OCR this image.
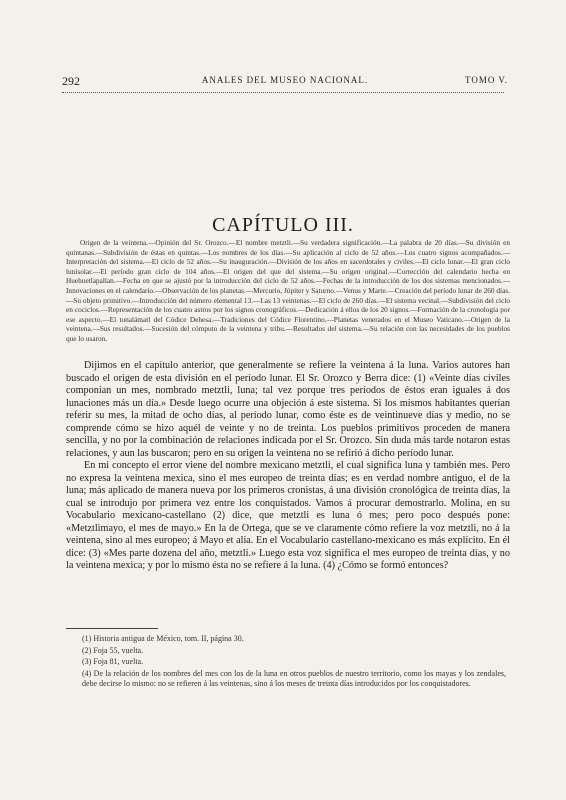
292	ANALES DEL MUSEO NACIONAL.	TOMO V.
CAPÍTULO III.
Origen de la veintena.—Opinión del Sr. Orozco.—El nombre metztli.—Su verdadera significación.—La palabra de 20 días.—Su división en quintanas.—Subdivisión de éstas en quintas.—Los nombres de los días.—Su aplicación al ciclo de 52 años.—Los cuatro signos acompañados.—Interpretación del sistema.—El ciclo de 52 años.—Su inauguración.—División de los años en sacerdotales y civiles.—El ciclo lunar.—El gran ciclo lunisolar.—El período gran ciclo de 104 años.—El origen del que del sistema.—Su origen original.—Corrección del calendario hecha en Huehuetlapallan.—Fecha en que se ajustó por la introducción del ciclo de 52 años.—Fechas de la introducción de los dos sistemas mencionados.—Innovaciones en el calendario.—Observación de los planetas.—Mercurio, Júpiter y Saturno.—Venus y Marte.—Creación del período lunar de 260 días.—Su objeto primitivo.—Introducción del número elemental 13.—Las 13 veintenas.—El ciclo de 260 días.—El sistema vecinal.—Subdivisión del ciclo en cociclos.—Representación de los cuatro astros por los signos cronográficos.—Dedicación á ellos de los 20 signos.—Formación de la cronología por ese aspecto.—El tonalámatl del Códice Dehesa.—Tradiciones del Códice Florentino.—Planetas venerados en el Museo Vaticano.—Origen de la veintena.—Sus resultados.—Sucesión del cómputo de la veintena y tribu.—Resultados del sistema.—Su relación con las necesidades de los pueblos que lo usaron.

Dijimos en el capítulo anterior, que generalmente se refiere la veintena á la luna. Varios autores han buscado el origen de esta división en el período lunar. El Sr. Orozco y Berra dice: (1) «Veinte días civiles componían un mes, nombrado metztli, luna; tal vez porque tres períodos de éstos eran iguales á dos lunaciones más un día.» Desde luego ocurre una objeción á este sistema. Si los mismos habitantes querían referir su mes, la mitad de ocho días, al período lunar, como éste es de veintinueve días y medio, no se comprende cómo se hizo aquél de veinte y no de treinta. Los pueblos primitivos proceden de manera sencilla, y no por la combinación de relaciones indicada por el Sr. Orozco. Sin duda más tarde notaron estas relaciones, y aun las buscaron; pero en su origen la veintena no se refirió á dicho período lunar.

En mi concepto el error viene del nombre mexicano metztli, el cual significa luna y también mes. Pero no expresa la veintena mexica, sino el mes europeo de treinta días; es en verdad nombre antiguo, el de la luna; más aplicado de manera nueva por los primeros cronistas, á una división cronológica de treinta días, la cual se introdujo por primera vez entre los conquistados. Vamos á procurar demostrarlo. Molina, en su Vocabulario mexicano-castellano (2) dice, que metztli es luna ó mes; pero poco después pone: «Metztlimayo, el mes de mayo.» En la de Ortega, que se ve claramente cómo refiere la voz metztli, no á la veintena, sino al mes europeo; á Mayo et alia. En el Vocabulario castellano-mexicano es más explícito. En él dice: (3) «Mes parte dozena del año, metztli.» Luego esta voz significa el mes europeo de treinta días, y no la veintena mexica; y por lo mismo ésta no se refiere á la luna. (4) ¿Cómo se formó entonces?

(1) Historia antigua de México, tom. II, página 30.

(2) Foja 55, vuelta.

(3) Foja 81, vuelta.

(4) De la relación de los nombres del mes con los de la luna en otros pueblos de nuestro territorio, como los mayas y los zendales, debe decirse lo mismo: no se refieren á las veintenas, sino á los meses de treinta días introducidos por los conquistadores.
